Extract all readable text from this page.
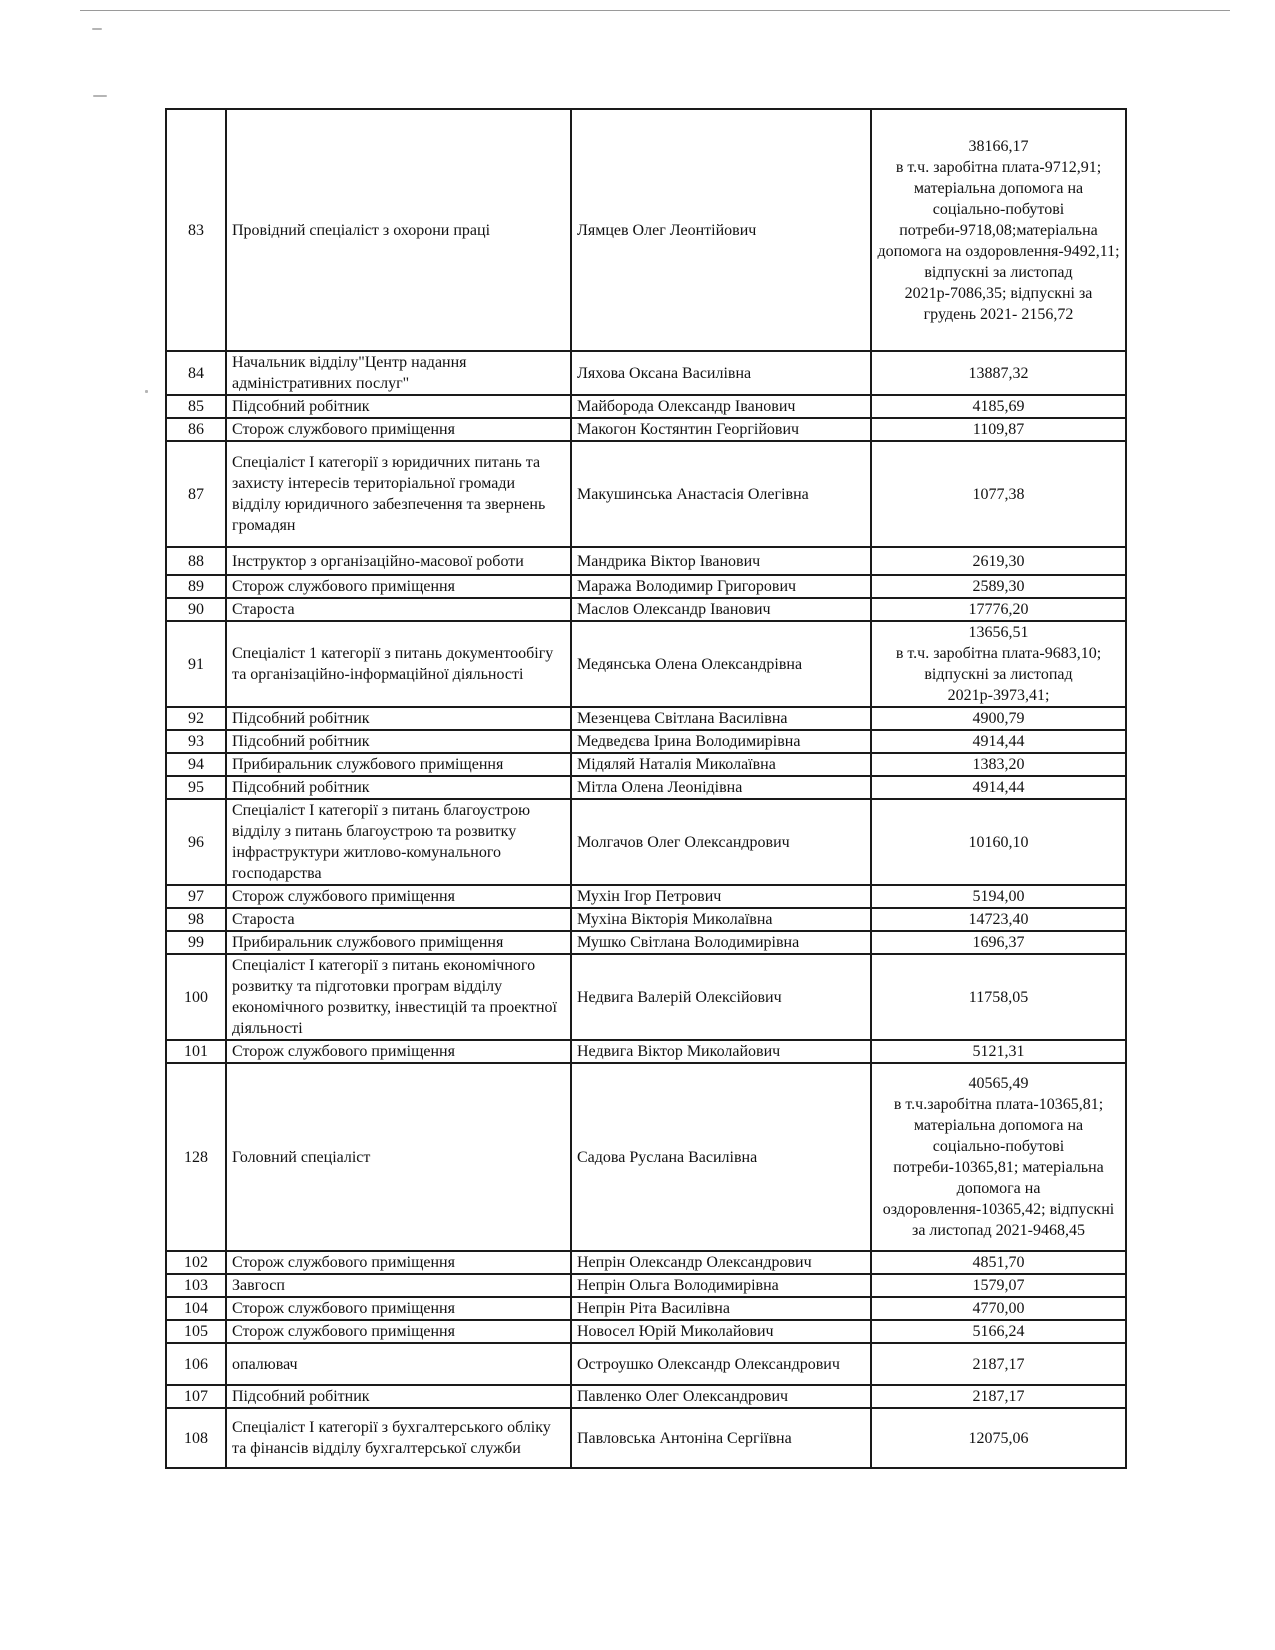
83	Провідний спеціаліст з охорони праці	Лямцев Олег Леонтійович	38166,17
в т.ч. заробітна плата-9712,91; матеріальна допомога на соціально-побутові потреби-9718,08;матеріальна допомога на оздоровлення-9492,11; відпускні за листопад 2021р-7086,35; відпускні за грудень 2021- 2156,72

84	Начальник відділу"Центр надання адміністративних послуг"	Ляхова Оксана Василівна	13887,32

85	Підсобний робітник	Майборода Олександр Іванович	4185,69

86	Сторож службового приміщення	Макогон Костянтин Георгійович	1109,87

87	Спеціаліст І категорії з юридичних питань та захисту інтересів територіальної громади відділу юридичного забезпечення та звернень громадян	Макушинська Анастасія Олегівна	1077,38

88	Інструктор з організаційно-масової роботи	Мандрика Віктор Іванович	2619,30

89	Сторож службового приміщення	Маража Володимир Григорович	2589,30

90	Староста	Маслов Олександр Іванович	17776,20

91	Спеціаліст 1 категорії з питань документообігу та організаційно-інформаційної діяльності	Медянська Олена Олександрівна	13656,51
в т.ч. заробітна плата-9683,10; відпускні за листопад 2021р-3973,41;

92	Підсобний робітник	Мезенцева Світлана Василівна	4900,79

93	Підсобний робітник	Медведєва Ірина Володимирівна	4914,44

94	Прибиральник службового приміщення	Мідяляй Наталія Миколаївна	1383,20

95	Підсобний робітник	Мітла Олена Леонідівна	4914,44

96	Спеціаліст І категорії з питань благоустрою відділу з питань благоустрою та розвитку інфраструктури житлово-комунального господарства	Молгачов Олег Олександрович	10160,10

97	Сторож службового приміщення	Мухін Ігор Петрович	5194,00

98	Староста	Мухіна Вікторія Миколаївна	14723,40

99	Прибиральник службового приміщення	Мушко Світлана Володимирівна	1696,37

100	Спеціаліст І категорії з питань економічного розвитку та підготовки програм відділу економічного розвитку, інвестицій та проектної діяльності	Недвига Валерій Олексійович	11758,05

101	Сторож службового приміщення	Недвига Віктор Миколайович	5121,31

128	Головний спеціаліст	Садова Руслана Василівна	40565,49
в т.ч.заробітна плата-10365,81; матеріальна допомога на соціально-побутові потреби-10365,81; матеріальна допомога на оздоровлення-10365,42; відпускні за листопад 2021-9468,45

102	Сторож службового приміщення	Непрін Олександр Олександрович	4851,70

103	Завгосп	Непрін Ольга Володимирівна	1579,07

104	Сторож службового приміщення	Непрін Ріта Василівна	4770,00

105	Сторож службового приміщення	Новосел Юрій Миколайович	5166,24

106	опалювач	Остроушко Олександр Олександрович	2187,17

107	Підсобний робітник	Павленко Олег Олександрович	2187,17

108	Спеціаліст І категорії з бухгалтерського обліку та фінансів відділу бухгалтерської служби	Павловська Антоніна Сергіївна	12075,06
